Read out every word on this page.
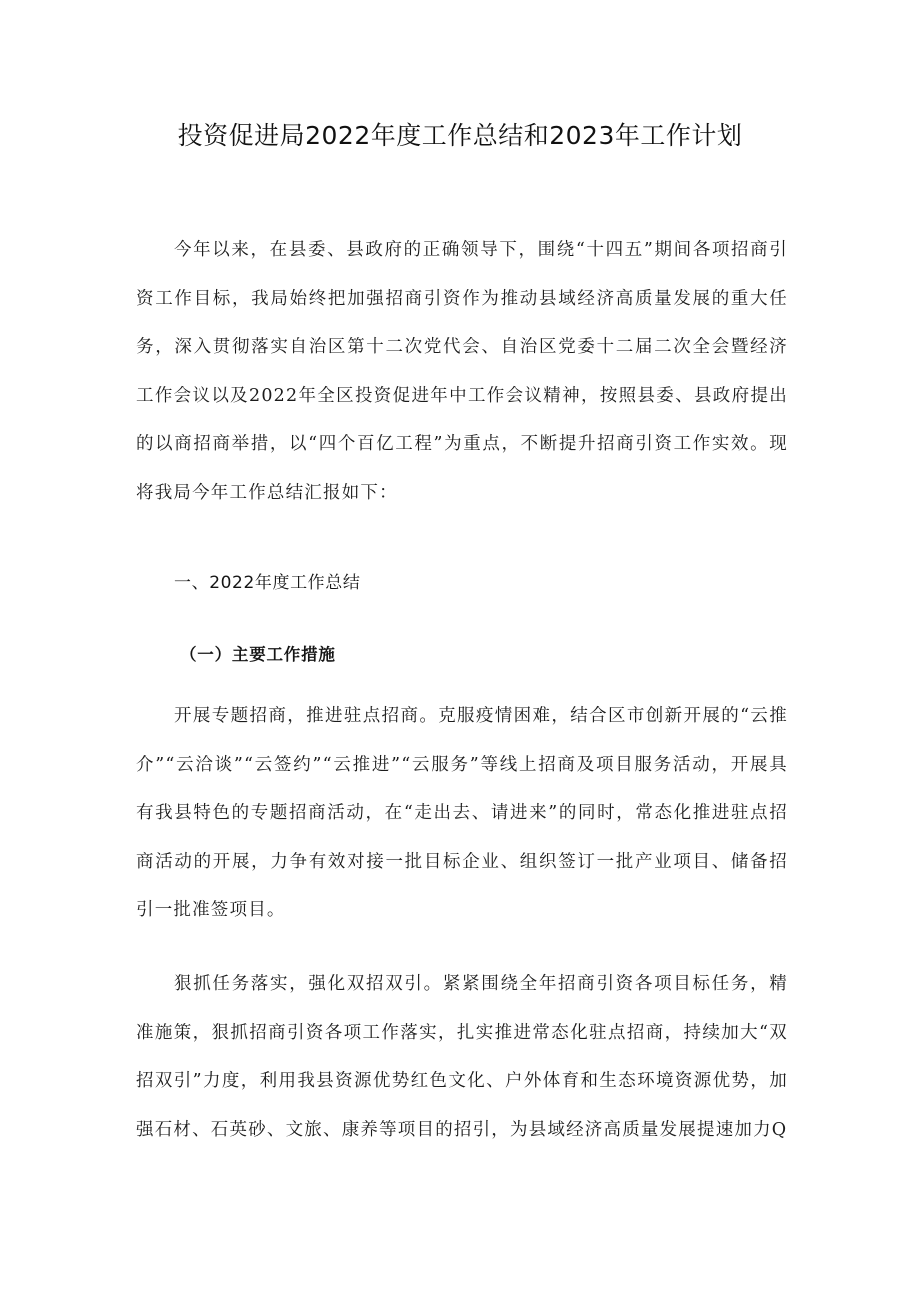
投资促进局2022年度工作总结和2023年工作计划

今年以来，在县委、县政府的正确领导下，围绕“十四五”期间各项招商引资工作目标，我局始终把加强招商引资作为推动县域经济高质量发展的重大任务，深入贯彻落实自治区第十二次党代会、自治区党委十二届二次全会暨经济工作会议以及2022年全区投资促进年中工作会议精神，按照县委、县政府提出的以商招商举措，以“四个百亿工程”为重点，不断提升招商引资工作实效。现将我局今年工作总结汇报如下：

一、2022年度工作总结
（一）主要工作措施

开展专题招商，推进驻点招商。克服疫情困难，结合区市创新开展的“云推介”“云洽谈”“云签约”“云推进”“云服务”等线上招商及项目服务活动，开展具有我县特色的专题招商活动，在“走出去、请进来”的同时，常态化推进驻点招商活动的开展，力争有效对接一批目标企业、组织签订一批产业项目、储备招引一批准签项目。

狠抓任务落实，强化双招双引。紧紧围绕全年招商引资各项目标任务，精准施策，狠抓招商引资各项工作落实，扎实推进常态化驻点招商，持续加大“双招双引”力度，利用我县资源优势红色文化、户外体育和生态环境资源优势，加强石材、石英砂、文旅、康养等项目的招引，为县域经济高质量发展提速加力Q
